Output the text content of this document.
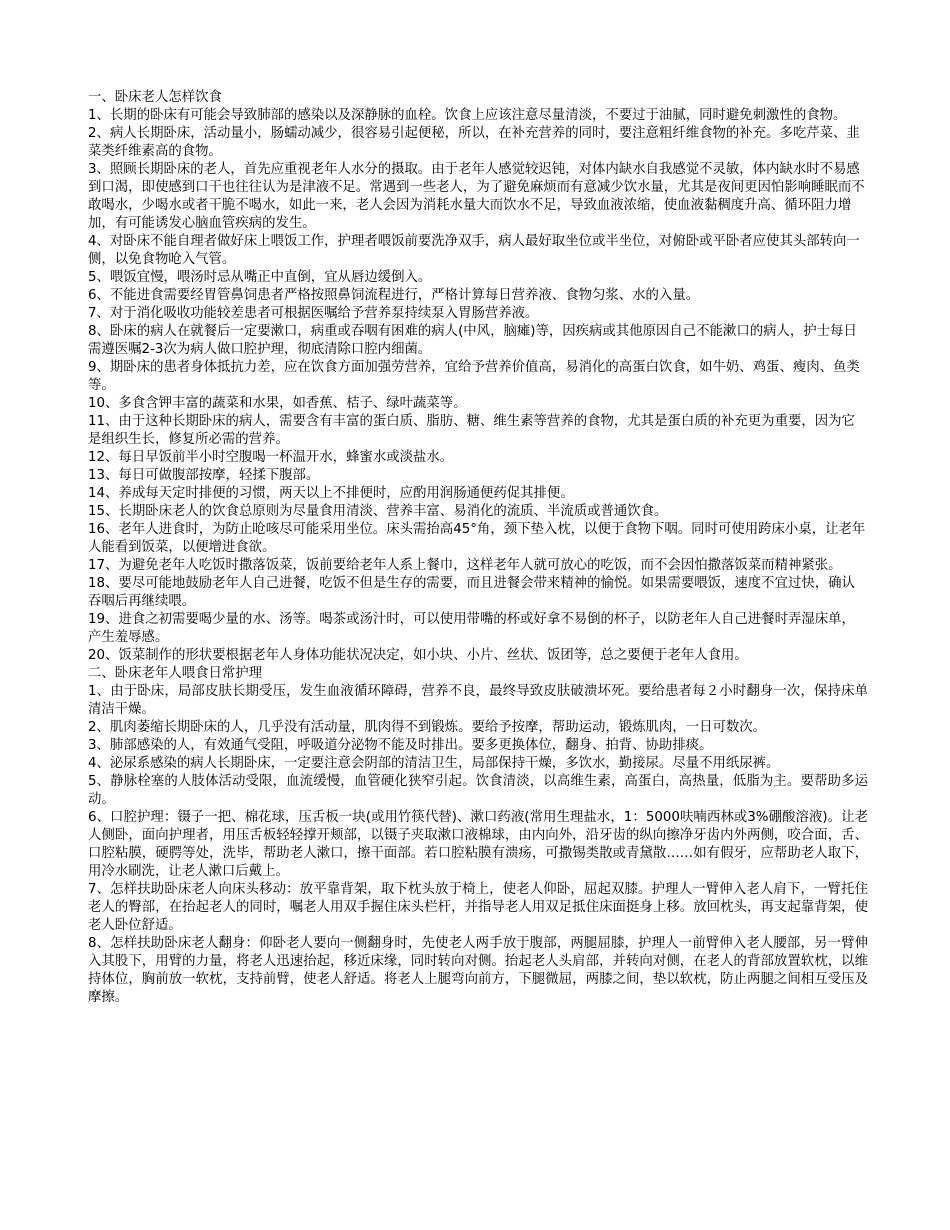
一、卧床老人怎样饮食

1、长期的卧床有可能会导致肺部的感染以及深静脉的血栓。饮食上应该注意尽量清淡，不要过于油腻，同时避免刺激性的食物。

2、病人长期卧床，活动量小，肠蠕动减少，很容易引起便秘，所以，在补充营养的同时，要注意粗纤维食物的补充。多吃芹菜、韭菜类纤维素高的食物。

3、照顾长期卧床的老人，首先应重视老年人水分的摄取。由于老年人感觉较迟钝，对体内缺水自我感觉不灵敏，体内缺水时不易感到口渴，即使感到口干也往往认为是津液不足。常遇到一些老人，为了避免麻烦而有意减少饮水量，尤其是夜间更因怕影响睡眠而不敢喝水，少喝水或者干脆不喝水，如此一来，老人会因为消耗水量大而饮水不足，导致血液浓缩，使血液黏稠度升高、循环阻力增加，有可能诱发心脑血管疾病的发生。

4、对卧床不能自理者做好床上喂饭工作，护理者喂饭前要洗净双手，病人最好取坐位或半坐位，对俯卧或平卧者应使其头部转向一侧，以免食物呛入气管。

5、喂饭宜慢，喂汤时忌从嘴正中直倒，宜从唇边缓倒入。

6、不能进食需要经胃管鼻饲患者严格按照鼻饲流程进行，严格计算每日营养液、食物匀浆、水的入量。

7、对于消化吸收功能较差患者可根据医嘱给予营养泵持续泵入胃肠营养液。

8、卧床的病人在就餐后一定要漱口，病重或吞咽有困难的病人(中风，脑瘫)等，因疾病或其他原因自己不能漱口的病人，护士每日需遵医嘱2-3次为病人做口腔护理，彻底清除口腔内细菌。

9、期卧床的患者身体抵抗力差，应在饮食方面加强劳营养，宜给予营养价值高，易消化的高蛋白饮食，如牛奶、鸡蛋、瘦肉、鱼类等。

10、多食含钾丰富的蔬菜和水果，如香蕉、桔子、绿叶蔬菜等。

11、由于这种长期卧床的病人，需要含有丰富的蛋白质、脂肪、糖、维生素等营养的食物，尤其是蛋白质的补充更为重要，因为它是组织生长，修复所必需的营养。

12、每日早饭前半小时空腹喝一杯温开水，蜂蜜水或淡盐水。

13、每日可做腹部按摩，轻揉下腹部。

14、养成每天定时排便的习惯，两天以上不排便时，应酌用润肠通便药促其排便。

15、长期卧床老人的饮食总原则为尽量食用清淡、营养丰富、易消化的流质、半流质或普通饮食。

16、老年人进食时，为防止呛咳尽可能采用坐位。床头需抬高45°角，颈下垫入枕，以便于食物下咽。同时可使用跨床小桌，让老年人能看到饭菜，以便增进食欲。

17、为避免老年人吃饭时撒落饭菜，饭前要给老年人系上餐巾，这样老年人就可放心的吃饭，而不会因怕撒落饭菜而精神紧张。

18、要尽可能地鼓励老年人自己进餐，吃饭不但是生存的需要，而且进餐会带来精神的愉悦。如果需要喂饭，速度不宜过快，确认吞咽后再继续喂。

19、进食之初需要喝少量的水、汤等。喝茶或汤汁时，可以使用带嘴的杯或好拿不易倒的杯子，以防老年人自己进餐时弄湿床单，产生羞辱感。

20、饭菜制作的形状要根据老年人身体功能状况决定，如小块、小片、丝状、饭团等，总之要便于老年人食用。

二、卧床老年人喂食日常护理

1、由于卧床，局部皮肤长期受压，发生血液循环障碍，营养不良，最终导致皮肤破溃坏死。要给患者每２小时翻身一次，保持床单清洁干燥。

2、肌肉萎缩长期卧床的人，几乎没有活动量，肌肉得不到锻炼。要给予按摩，帮助运动，锻炼肌肉，一日可数次。

3、肺部感染的人，有效通气受阻，呼吸道分泌物不能及时排出。要多更换体位，翻身、拍背、协助排痰。

4、泌尿系感染的病人长期卧床，一定要注意会阴部的清洁卫生，局部保持干燥，多饮水，勤接尿。尽量不用纸尿裤。

5、静脉栓塞的人肢体活动受限，血流缓慢，血管硬化狭窄引起。饮食清淡，以高维生素，高蛋白，高热量，低脂为主。要帮助多运动。

6、口腔护理：镊子一把、棉花球，压舌板一块(或用竹筷代替)、漱口药液(常用生理盐水，1：5000呋喃西林或3%硼酸溶液)。让老人侧卧，面向护理者，用压舌板轻轻撑开颊部，以镊子夹取漱口液棉球，由内向外，沿牙齿的纵向擦净牙齿内外两侧，咬合面，舌、口腔粘膜，硬腭等处，洗毕，帮助老人漱口，擦干面部。若口腔粘膜有溃疡，可撒锡类散或青黛散……如有假牙，应帮助老人取下，用冷水刷洗，让老人漱口后戴上。

7、怎样扶助卧床老人向床头移动：放平靠背架，取下枕头放于椅上，使老人仰卧，屈起双膝。护理人一臂伸入老人肩下，一臂托住老人的臀部，在抬起老人的同时，嘱老人用双手握住床头栏杆，并指导老人用双足抵住床面挺身上移。放回枕头，再支起靠背架，使老人卧位舒适。

8、怎样扶助卧床老人翻身：仰卧老人要向一侧翻身时，先使老人两手放于腹部，两腿屈膝，护理人一前臂伸入老人腰部，另一臂伸入其股下，用臂的力量，将老人迅速抬起，移近床缘，同时转向对侧。抬起老人头肩部，并转向对侧，在老人的背部放置软枕，以维持体位，胸前放一软枕，支持前臂，使老人舒适。将老人上腿弯向前方，下腿微屈，两膝之间，垫以软枕，防止两腿之间相互受压及摩擦。
